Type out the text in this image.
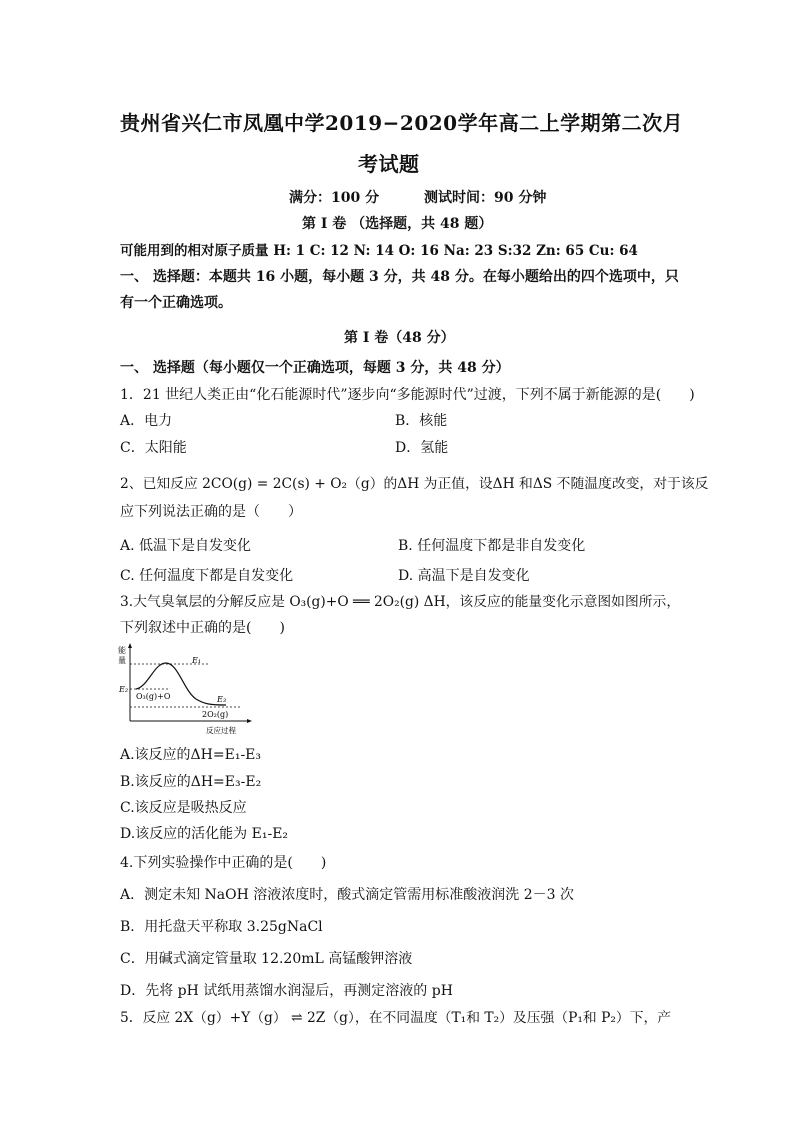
贵州省兴仁市凤凰中学2019−2020学年高二上学期第二次月
考试题
满分：100 分	测试时间：90 分钟
第 I 卷 （选择题，共 48 题）
可能用到的相对原子质量 H: 1 C: 12 N: 14 O: 16 Na: 23 S:32 Zn: 65 Cu: 64
一、 选择题：本题共 16 小题，每小题 3 分，共 48 分。在每小题给出的四个选项中，只
有一个正确选项。
第 I 卷（48 分）
一、 选择题（每小题仅一个正确选项，每题 3 分，共 48 分）
1．21 世纪人类正由“化石能源时代”逐步向“多能源时代”过渡，下列不属于新能源的是(　　)
A．电力	B．核能
C．太阳能	D．氢能
2、已知反应 2CO(g) = 2C(s) + O₂（g）的ΔH 为正值，设ΔH 和ΔS 不随温度改变，对于该反
应下列说法正确的是（　　）
A. 低温下是自发变化	B. 任何温度下都是非自发变化
C. 任何温度下都是自发变化	D. 高温下是自发变化
3.大气臭氧层的分解反应是 O₃(g)+O ══ 2O₂(g) ΔH，该反应的能量变化示意图如图所示，
下列叙述中正确的是(　　)
能
量	E₁
E₂
E₃
O₃(g)+O
2O₂(g)
反应过程
A.该反应的ΔH=E₁-E₃
B.该反应的ΔH=E₃-E₂
C.该反应是吸热反应
D.该反应的活化能为 E₁-E₂
4.下列实验操作中正确的是(　　)
A．测定未知 NaOH 溶液浓度时，酸式滴定管需用标准酸液润洗 2－3 次
B．用托盘天平称取 3.25gNaCl
C．用碱式滴定管量取 12.20mL 高锰酸钾溶液
D．先将 pH 试纸用蒸馏水润湿后，再测定溶液的 pH
5．反应 2X（g）+Y（g） ⇌ 2Z（g），在不同温度（T₁和 T₂）及压强（P₁和 P₂）下，产
